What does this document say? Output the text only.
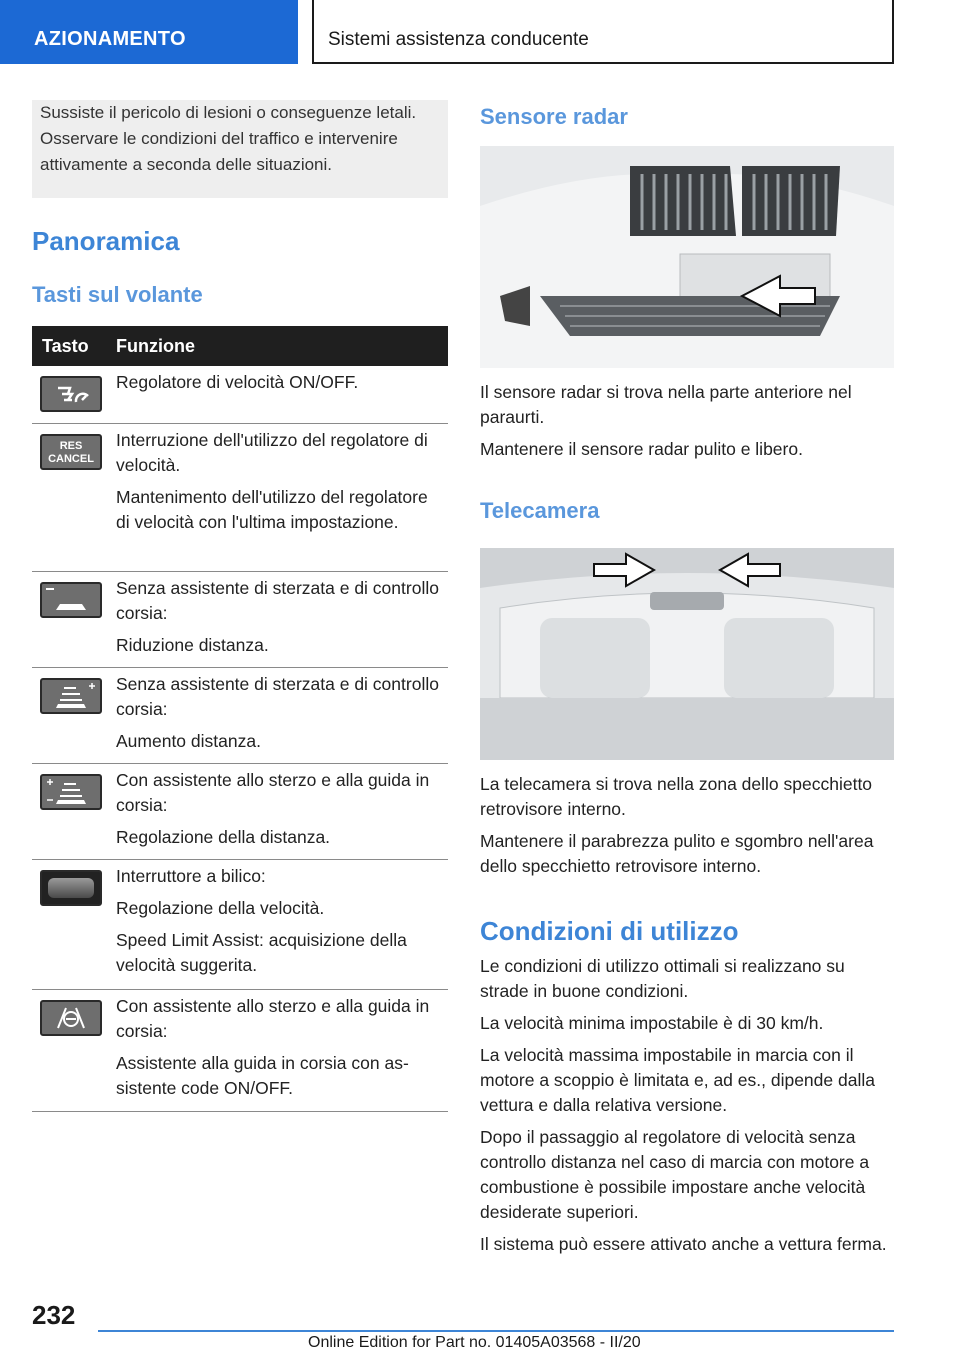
AZIONAMENTO	Sistemi assistenza conducente

Sussiste il pericolo di lesioni o conseguenze letali. Osservare le condizioni del traffico e intervenire attivamente a seconda delle situazioni.

Panoramica
Tasti sul volante
Tasto Funzione

Regolatore di velocità ON/OFF.

RES
CANCEL

Interruzione dell'utilizzo del regolatore di velocità.

Mantenimento dell'utilizzo del regolatore di velocità con l'ultima impostazione.

Senza assistente di sterzata e di controllo corsia:

Riduzione distanza.

Senza assistente di sterzata e di controllo corsia:

Aumento distanza.

Con assistente allo sterzo e alla guida in corsia:

Regolazione della distanza.

Interruttore a bilico:

Regolazione della velocità.

Speed Limit Assist: acquisizione della velocità suggerita.

Con assistente allo sterzo e alla guida in corsia:

Assistente alla guida in corsia con assistente code ON/OFF.

Sensore radar

Il sensore radar si trova nella parte anteriore nel paraurti.

Mantenere il sensore radar pulito e libero.

Telecamera

La telecamera si trova nella zona dello specchietto retrovisore interno.

Mantenere il parabrezza pulito e sgombro nell'area dello specchietto retrovisore interno.

Condizioni di utilizzo

Le condizioni di utilizzo ottimali si realizzano su strade in buone condizioni.

La velocità minima impostabile è di 30 km/h.

La velocità massima impostabile in marcia con il motore a scoppio è limitata e, ad es., dipende dalla vettura e dalla relativa versione.

Dopo il passaggio al regolatore di velocità senza controllo distanza nel caso di marcia con motore a combustione è possibile impostare anche velocità desiderate superiori.

Il sistema può essere attivato anche a vettura ferma.

232
Online Edition for Part no. 01405A03568 - II/20
